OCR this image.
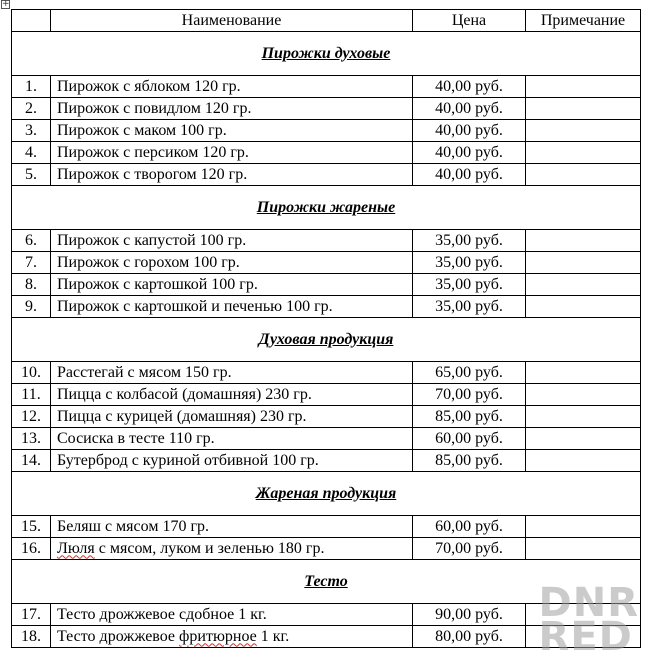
+
	Наименование	Цена	Примечание
Пирожки духовые			
1.	Пирожок с яблоком 120 гр.	40,00 руб.	
2.	Пирожок с повидлом 120 гр.	40,00 руб.	
3.	Пирожок с маком 100 гр.	40,00 руб.	
4.	Пирожок с персиком 120 гр.	40,00 руб.	
5.	Пирожок с творогом 120 гр.	40,00 руб.	
Пирожки жареные			
6.	Пирожок с капустой 100 гр.	35,00 руб.	
7.	Пирожок с горохом 100 гр.	35,00 руб.	
8.	Пирожок с картошкой 100 гр.	35,00 руб.	
9.	Пирожок с картошкой и печенью 100 гр.	35,00 руб.	
Духовая продукция			
10.	Расстегай с мясом 150 гр.	65,00 руб.	
11.	Пицца с колбасой (домашняя) 230 гр.	70,00 руб.	
12.	Пицца с курицей (домашняя) 230 гр.	85,00 руб.	
13.	Сосиска в тесте 110 гр.	60,00 руб.	
14.	Бутерброд с куриной отбивной 100 гр.	85,00 руб.	
Жареная продукция			
15.	Беляш с мясом 170 гр.	60,00 руб.	
16.	Люля с мясом, луком и зеленью 180 гр.	70,00 руб.	
Тесто			
17.	Тесто дрожжевое сдобное 1 кг.	90,00 руб.	
18.	Тесто дрожжевое фритюрное 1 кг.	80,00 руб.	
DNR
RED
